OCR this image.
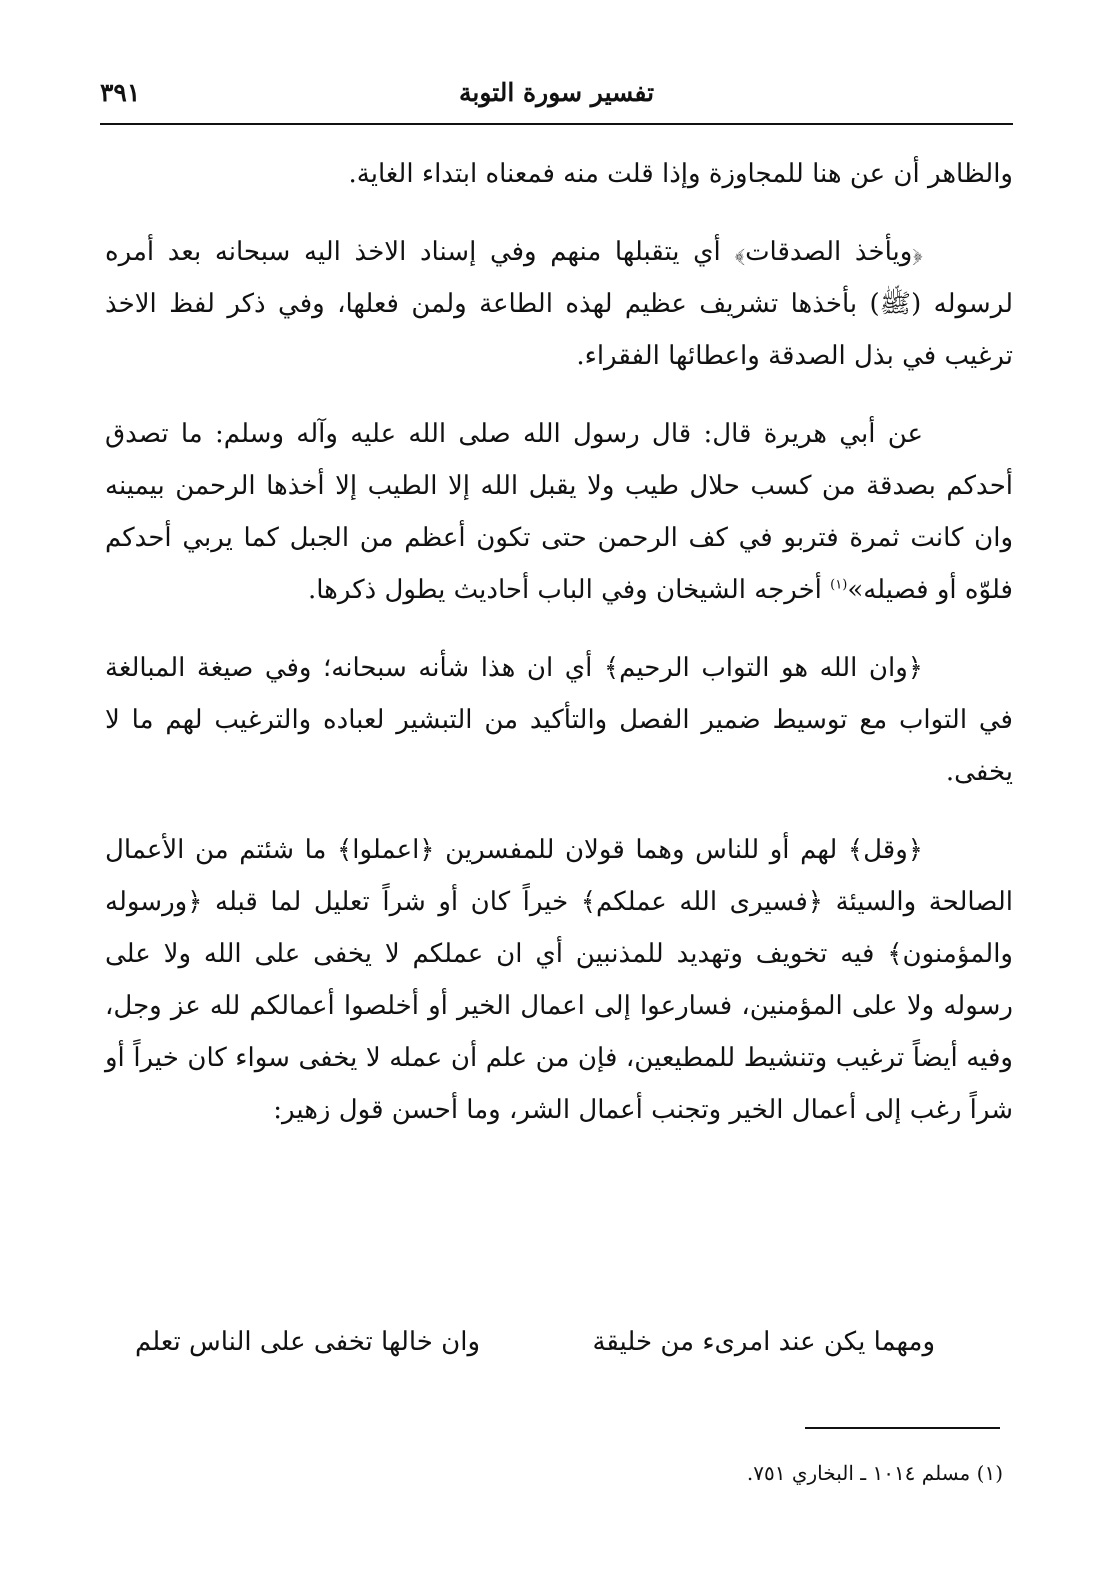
تفسير سورة التوبة
٣٩١

والظاهر أن عن هنا للمجاوزة وإذا قلت منه فمعناه ابتداء الغاية.

﴿ويأخذ الصدقات﴾ أي يتقبلها منهم وفي إسناد الاخذ اليه سبحانه بعد أمره لرسوله (ﷺ) بأخذها تشريف عظيم لهذه الطاعة ولمن فعلها، وفي ذكر لفظ الاخذ ترغيب في بذل الصدقة واعطائها الفقراء.

عن أبي هريرة قال: قال رسول الله صلى الله عليه وآله وسلم: ما تصدق أحدكم بصدقة من كسب حلال طيب ولا يقبل الله إلا الطيب إلا أخذها الرحمن بيمينه وان كانت ثمرة فتربو في كف الرحمن حتى تكون أعظم من الجبل كما يربي أحدكم فلوّه أو فصيله»$^{(١)}$ أخرجه الشيخان وفي الباب أحاديث يطول ذكرها.

﴿وان الله هو التواب الرحيم﴾ أي ان هذا شأنه سبحانه؛ وفي صيغة المبالغة في التواب مع توسيط ضمير الفصل والتأكيد من التبشير لعباده والترغيب لهم ما لا يخفى.

﴿وقل﴾ لهم أو للناس وهما قولان للمفسرين ﴿اعملوا﴾ ما شئتم من الأعمال الصالحة والسيئة ﴿فسيرى الله عملكم﴾ خيراً كان أو شراً تعليل لما قبله ﴿ورسوله والمؤمنون﴾ فيه تخويف وتهديد للمذنبين أي ان عملكم لا يخفى على الله ولا على رسوله ولا على المؤمنين، فسارعوا إلى اعمال الخير أو أخلصوا أعمالكم لله عز وجل، وفيه أيضاً ترغيب وتنشيط للمطيعين، فإن من علم أن عمله لا يخفى سواء كان خيراً أو شراً رغب إلى أعمال الخير وتجنب أعمال الشر، وما أحسن قول زهير:

ومهما يكن عند امرىء من خليقة
وان خالها تخفى على الناس تعلم
(١) مسلم ١٠١٤ ـ البخاري ٧٥١.
